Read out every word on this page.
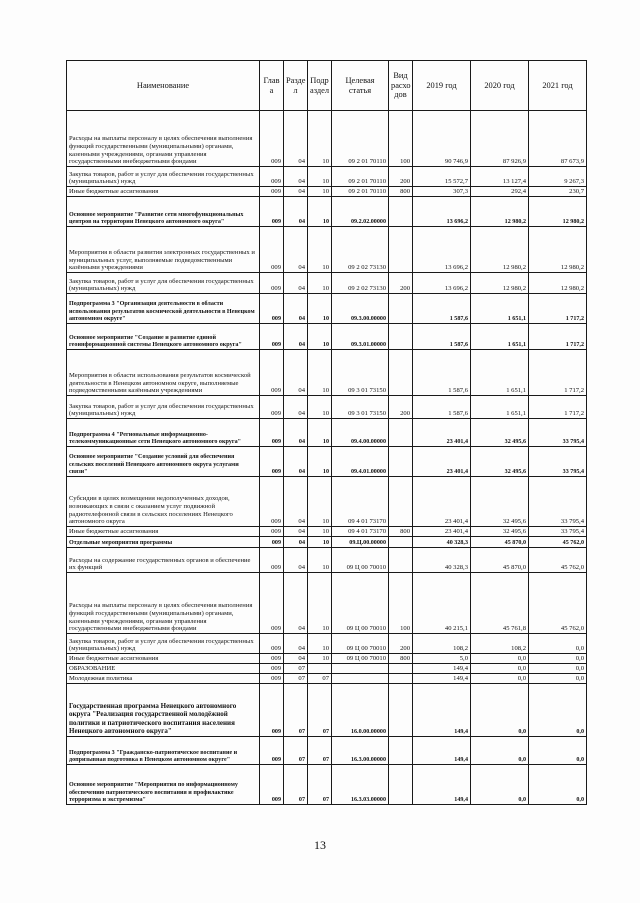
Наименование	Глав а	Разде л	Подр аздел	Целевая статья	Вид расхо дов	2019 год	2020 год	2021 год
Расходы на выплаты персоналу в целях обеспечения выполнения функций государственными (муниципальными) органами, казенными учреждениями, органами управления государственными внебюджетными фондами	009	04	10	09 2 01 70110	100	90 746,9	87 926,9	87 673,9
Закупка товаров, работ и услуг для обеспечения государственных (муниципальных) нужд	009	04	10	09 2 01 70110	200	15 572,7	13 127,4	9 267,3
Иные бюджетные ассигнования	009	04	10	09 2 01 70110	800	307,3	292,4	230,7
Основное мероприятие "Развитие сети многофункциональных центров на территории Ненецкого автономного округа"	009	04	10	09.2.02.00000		13 696,2	12 980,2	12 980,2
Мероприятия в области развития электронных государственных и муниципальных услуг, выполняемые подведомственными казёнными учреждениями	009	04	10	09 2 02 73130		13 696,2	12 980,2	12 980,2
Закупка товаров, работ и услуг для обеспечения государственных (муниципальных) нужд	009	04	10	09 2 02 73130	200	13 696,2	12 980,2	12 980,2
Подпрограмма 3 "Организация деятельности в области использования результатов космической деятельности в Ненецком автономном округе"	009	04	10	09.3.00.00000		1 587,6	1 651,1	1 717,2
Основное мероприятие "Создание и развитие единой геоинформационной системы Ненецкого автономного округа"	009	04	10	09.3.01.00000		1 587,6	1 651,1	1 717,2
Мероприятия в области использования результатов космической деятельности в Ненецком автономном округе, выполняемые подведомственными казёнными учреждениями	009	04	10	09 3 01 73150		1 587,6	1 651,1	1 717,2
Закупка товаров, работ и услуг для обеспечения государственных (муниципальных) нужд	009	04	10	09 3 01 73150	200	1 587,6	1 651,1	1 717,2
Подпрограмма 4 "Региональные информационно-телекоммуникационные сети Ненецкого автономного округа"	009	04	10	09.4.00.00000		23 401,4	32 495,6	33 795,4
Основное мероприятие "Создание условий для обеспечения сельских поселений Ненецкого автономного округа услугами связи"	009	04	10	09.4.01.00000		23 401,4	32 495,6	33 795,4
Субсидии в целях возмещения недополученных доходов, возникающих в связи с оказанием услуг подвижной радиотелефонной связи в сельских поселениях Ненецкого автономного округа	009	04	10	09 4 01 73170		23 401,4	32 495,6	33 795,4
Иные бюджетные ассигнования	009	04	10	09 4 01 73170	800	23 401,4	32 495,6	33 795,4
Отдельные мероприятия программы	009	04	10	09.Ц.00.00000		40 328,3	45 870,0	45 762,0
Расходы на содержание государственных органов и обеспечение их функций	009	04	10	09 Ц 00 70010		40 328,3	45 870,0	45 762,0
Расходы на выплаты персоналу в целях обеспечения выполнения функций государственными (муниципальными) органами, казенными учреждениями, органами управления государственными внебюджетными фондами	009	04	10	09 Ц 00 70010	100	40 215,1	45 761,8	45 762,0
Закупка товаров, работ и услуг для обеспечения государственных (муниципальных) нужд	009	04	10	09 Ц 00 70010	200	108,2	108,2	0,0
Иные бюджетные ассигнования	009	04	10	09 Ц 00 70010	800	5,0	0,0	0,0
ОБРАЗОВАНИЕ	009	07				149,4	0,0	0,0
Молодежная политика	009	07	07			149,4	0,0	0,0
Государственная программа Ненецкого автономного округа "Реализация государственной молодёжной политики и патриотического воспитания населения Ненецкого автономного округа"	009	07	07	16.0.00.00000		149,4	0,0	0,0
Подпрограмма 3 "Гражданско-патриотическое воспитание и допризывная подготовка в Ненецком автономном округе"	009	07	07	16.3.00.00000		149,4	0,0	0,0
Основное мероприятие "Мероприятия по информационному обеспечению патриотического воспитания и профилактике терроризма и экстремизма"	009	07	07	16.3.03.00000		149,4	0,0	0,0
13
